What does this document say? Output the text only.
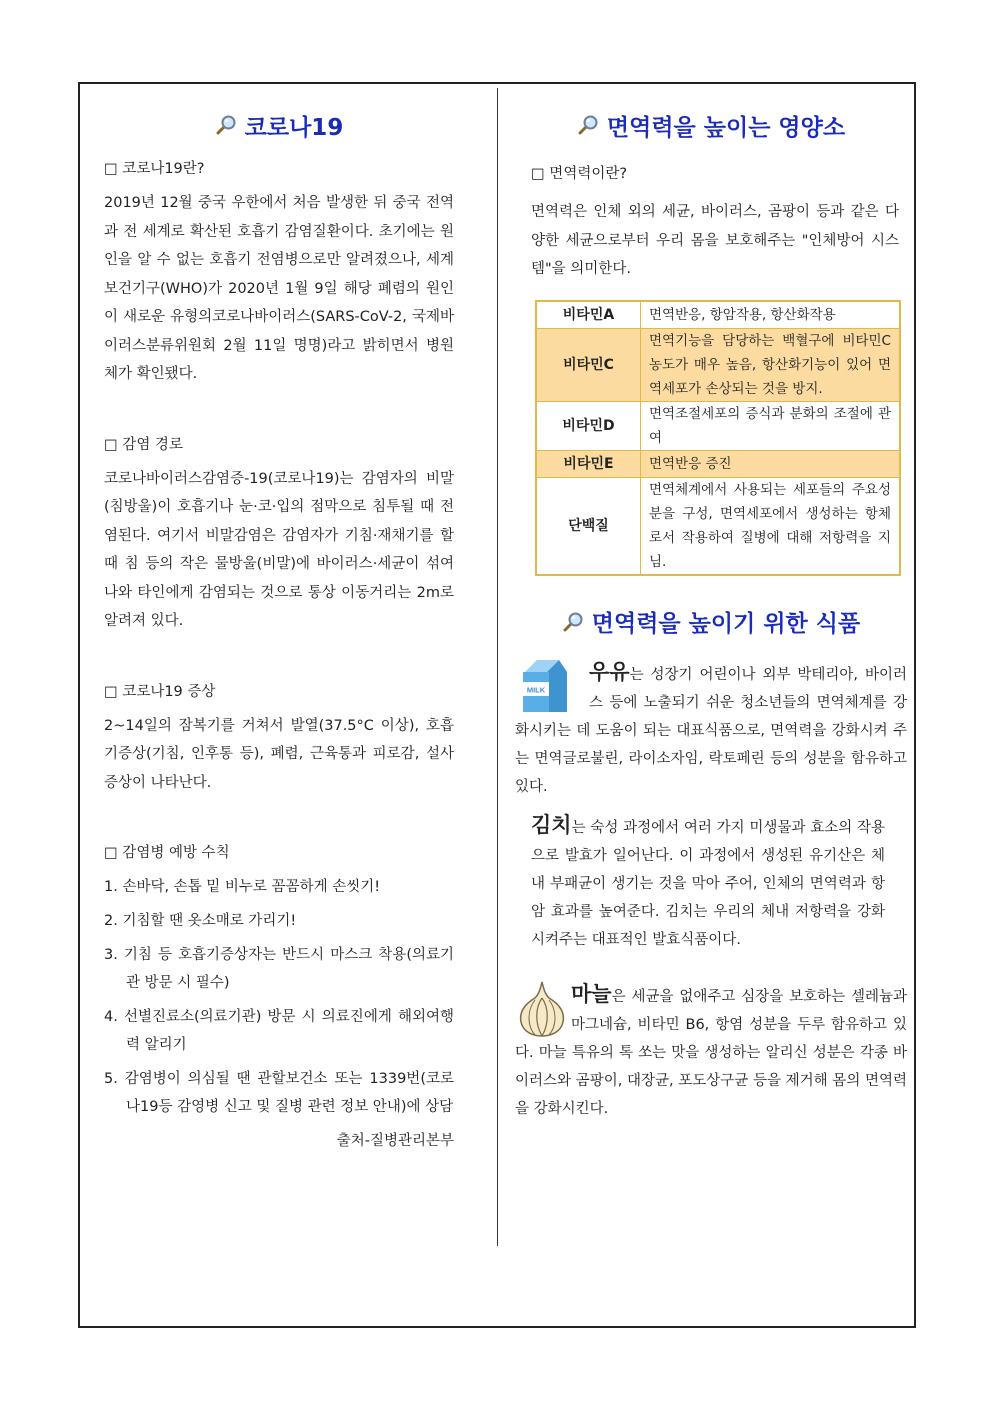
코로나19

□ 코로나19란?

2019년 12월 중국 우한에서 처음 발생한 뒤 중국 전역과 전 세계로 확산된 호흡기 감염질환이다. 초기에는 원인을 알 수 없는 호흡기 전염병으로만 알려졌으나, 세계보건기구(WHO)가 2020년 1월 9일 해당 폐렴의 원인이 새로운 유형의코로나바이러스(SARS-CoV-2, 국제바이러스분류위원회 2월 11일 명명)라고 밝히면서 병원체가 확인됐다.

□ 감염 경로

코로나바이러스감염증-19(코로나19)는 감염자의 비말(침방울)이 호흡기나 눈·코·입의 점막으로 침투될 때 전염된다. 여기서 비말감염은 감염자가 기침·재채기를 할 때 침 등의 작은 물방울(비말)에 바이러스·세균이 섞여 나와 타인에게 감염되는 것으로 통상 이동거리는 2m로 알려져 있다.

□ 코로나19 증상

2~14일의 잠복기를 거쳐서 발열(37.5°C 이상), 호흡기증상(기침, 인후통 등), 폐렴, 근육통과 피로감, 설사 증상이 나타난다.

□ 감염병 예방 수칙

1. 손바닥, 손톱 밑 비누로 꼼꼼하게 손씻기!

2. 기침할 땐 옷소매로 가리기!

3. 기침 등 호흡기증상자는 반드시 마스크 착용(의료기관 방문 시 필수)

4. 선별진료소(의료기관) 방문 시 의료진에게 해외여행력 알리기

5. 감염병이 의심될 땐 관할보건소 또는 1339번(코로나19등 감영병 신고 및 질병 관련 정보 안내)에 상담

출처-질병관리본부

면역력을 높이는 영양소

□ 면역력이란?

면역력은 인체 외의 세균, 바이러스, 곰팡이 등과 같은 다양한 세균으로부터 우리 몸을 보호해주는 "인체방어 시스템"을 의미한다.

비타민A	면역반응, 항암작용, 항산화작용
비타민C	면역기능을 담당하는 백혈구에 비타민C 농도가 매우 높음, 항산화기능이 있어 면역세포가 손상되는 것을 방지.
비타민D	면역조절세포의 증식과 분화의 조절에 관여
비타민E	면역반응 증진
단백질	면역체계에서 사용되는 세포들의 주요성분을 구성, 면역세포에서 생성하는 항체로서 작용하여 질병에 대해 저항력을 지님.
면역력을 높이기 위한 식품
MILK

우유는 성장기 어린이나 외부 박테리아, 바이러스 등에 노출되기 쉬운 청소년들의 면역체계를 강화시키는 데 도움이 되는 대표식품으로, 면역력을 강화시켜 주는 면역글로불린, 라이소자임, 락토페린 등의 성분을 함유하고 있다.

김치는 숙성 과정에서 여러 가지 미생물과 효소의 작용으로 발효가 일어난다. 이 과정에서 생성된 유기산은 체내 부패균이 생기는 것을 막아 주어, 인체의 면역력과 항암 효과를 높여준다. 김치는 우리의 체내 저항력을 강화시켜주는 대표적인 발효식품이다.

마늘은 세균을 없애주고 심장을 보호하는 셀레늄과 마그네슘, 비타민 B6, 항염 성분을 두루 함유하고 있다. 마늘 특유의 톡 쏘는 맛을 생성하는 알리신 성분은 각종 바이러스와 곰팡이, 대장균, 포도상구균 등을 제거해 몸의 면역력을 강화시킨다.
